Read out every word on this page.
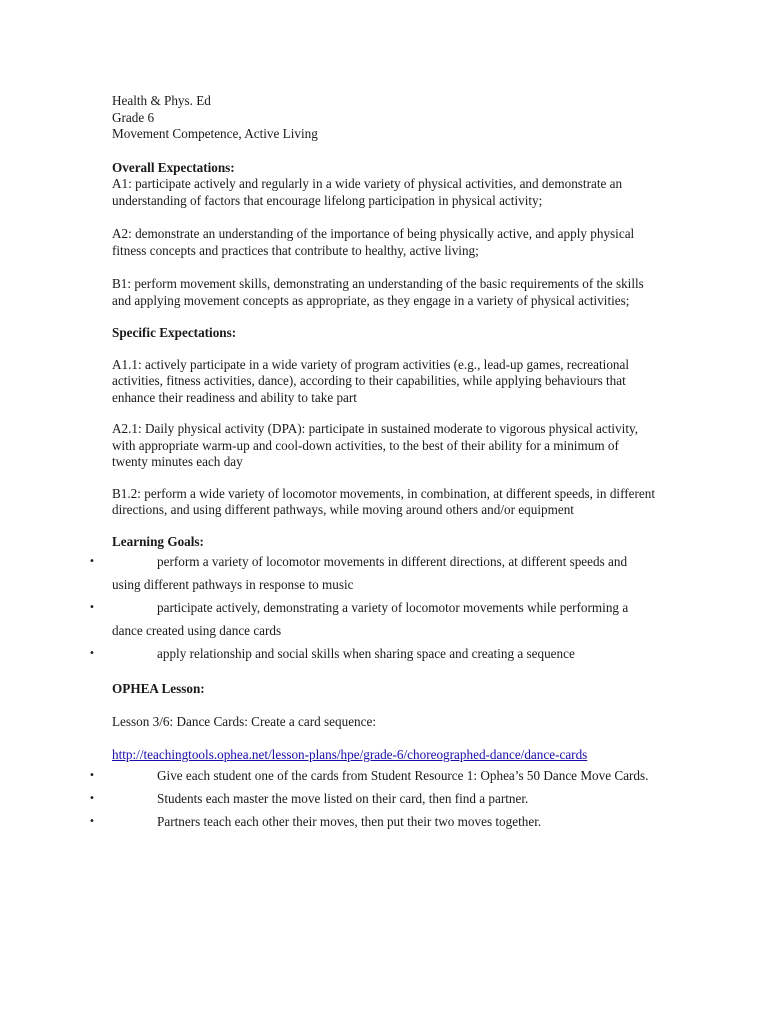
Health & Phys. Ed

Grade 6

Movement Competence, Active Living

Overall Expectations:

A1: participate actively and regularly in a wide variety of physical activities, and demonstrate an understanding of factors that encourage lifelong participation in physical activity;

A2: demonstrate an understanding of the importance of being physically active, and apply physical fitness concepts and practices that contribute to healthy, active living;

B1: perform movement skills, demonstrating an understanding of the basic requirements of the skills and applying movement concepts as appropriate, as they engage in a variety of physical activities;

Specific Expectations:

A1.1: actively participate in a wide variety of program activities (e.g., lead-up games, recreational activities, fitness activities, dance), according to their capabilities, while applying behaviours that enhance their readiness and ability to take part

A2.1: Daily physical activity (DPA): participate in sustained moderate to vigorous physical activity, with appropriate warm-up and cool-down activities, to the best of their ability for a minimum of twenty minutes each day

B1.2: perform a wide variety of locomotor movements, in combination, at different speeds, in different directions, and using different pathways, while moving around others and/or equipment

Learning Goals:

•	perform a variety of locomotor movements in different directions, at different speeds and using different pathways in response to music
•	participate actively, demonstrating a variety of locomotor movements while performing a dance created using dance cards
•	apply relationship and social skills when sharing space and creating a sequence

OPHEA Lesson:

Lesson 3/6: Dance Cards: Create a card sequence:

http://teachingtools.ophea.net/lesson-plans/hpe/grade-6/choreographed-dance/dance-cards

•	Give each student one of the cards from Student Resource 1: Ophea’s 50 Dance Move Cards.
•	Students each master the move listed on their card, then find a partner.
•	Partners teach each other their moves, then put their two moves together.
